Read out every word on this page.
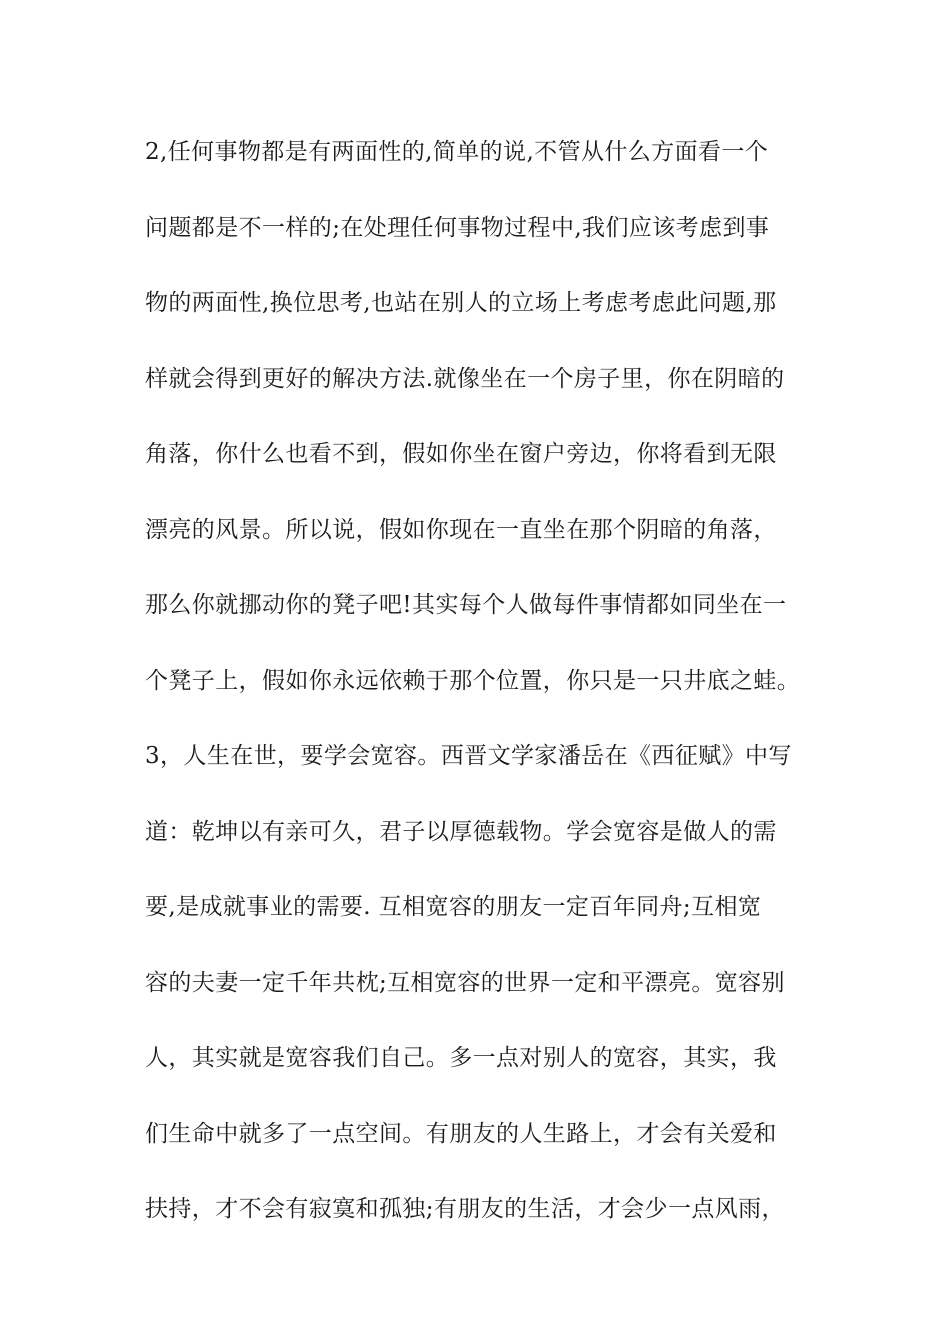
2,任何事物都是有两面性的,简单的说,不管从什么方面看一个
问题都是不一样的;在处理任何事物过程中,我们应该考虑到事
物的两面性,换位思考,也站在别人的立场上考虑考虑此问题,那
样就会得到更好的解决方法.就像坐在一个房子里，你在阴暗的
角落，你什么也看不到，假如你坐在窗户旁边，你将看到无限
漂亮的风景。所以说，假如你现在一直坐在那个阴暗的角落，
那么你就挪动你的凳子吧!其实每个人做每件事情都如同坐在一
个凳子上，假如你永远依赖于那个位置，你只是一只井底之蛙。
3，人生在世，要学会宽容。西晋文学家潘岳在《西征赋》中写
道：乾坤以有亲可久，君子以厚德载物。学会宽容是做人的需
要,是成就事业的需要. 互相宽容的朋友一定百年同舟;互相宽
容的夫妻一定千年共枕;互相宽容的世界一定和平漂亮。宽容别
人，其实就是宽容我们自己。多一点对别人的宽容，其实，我
们生命中就多了一点空间。有朋友的人生路上，才会有关爱和
扶持，才不会有寂寞和孤独;有朋友的生活，才会少一点风雨，
